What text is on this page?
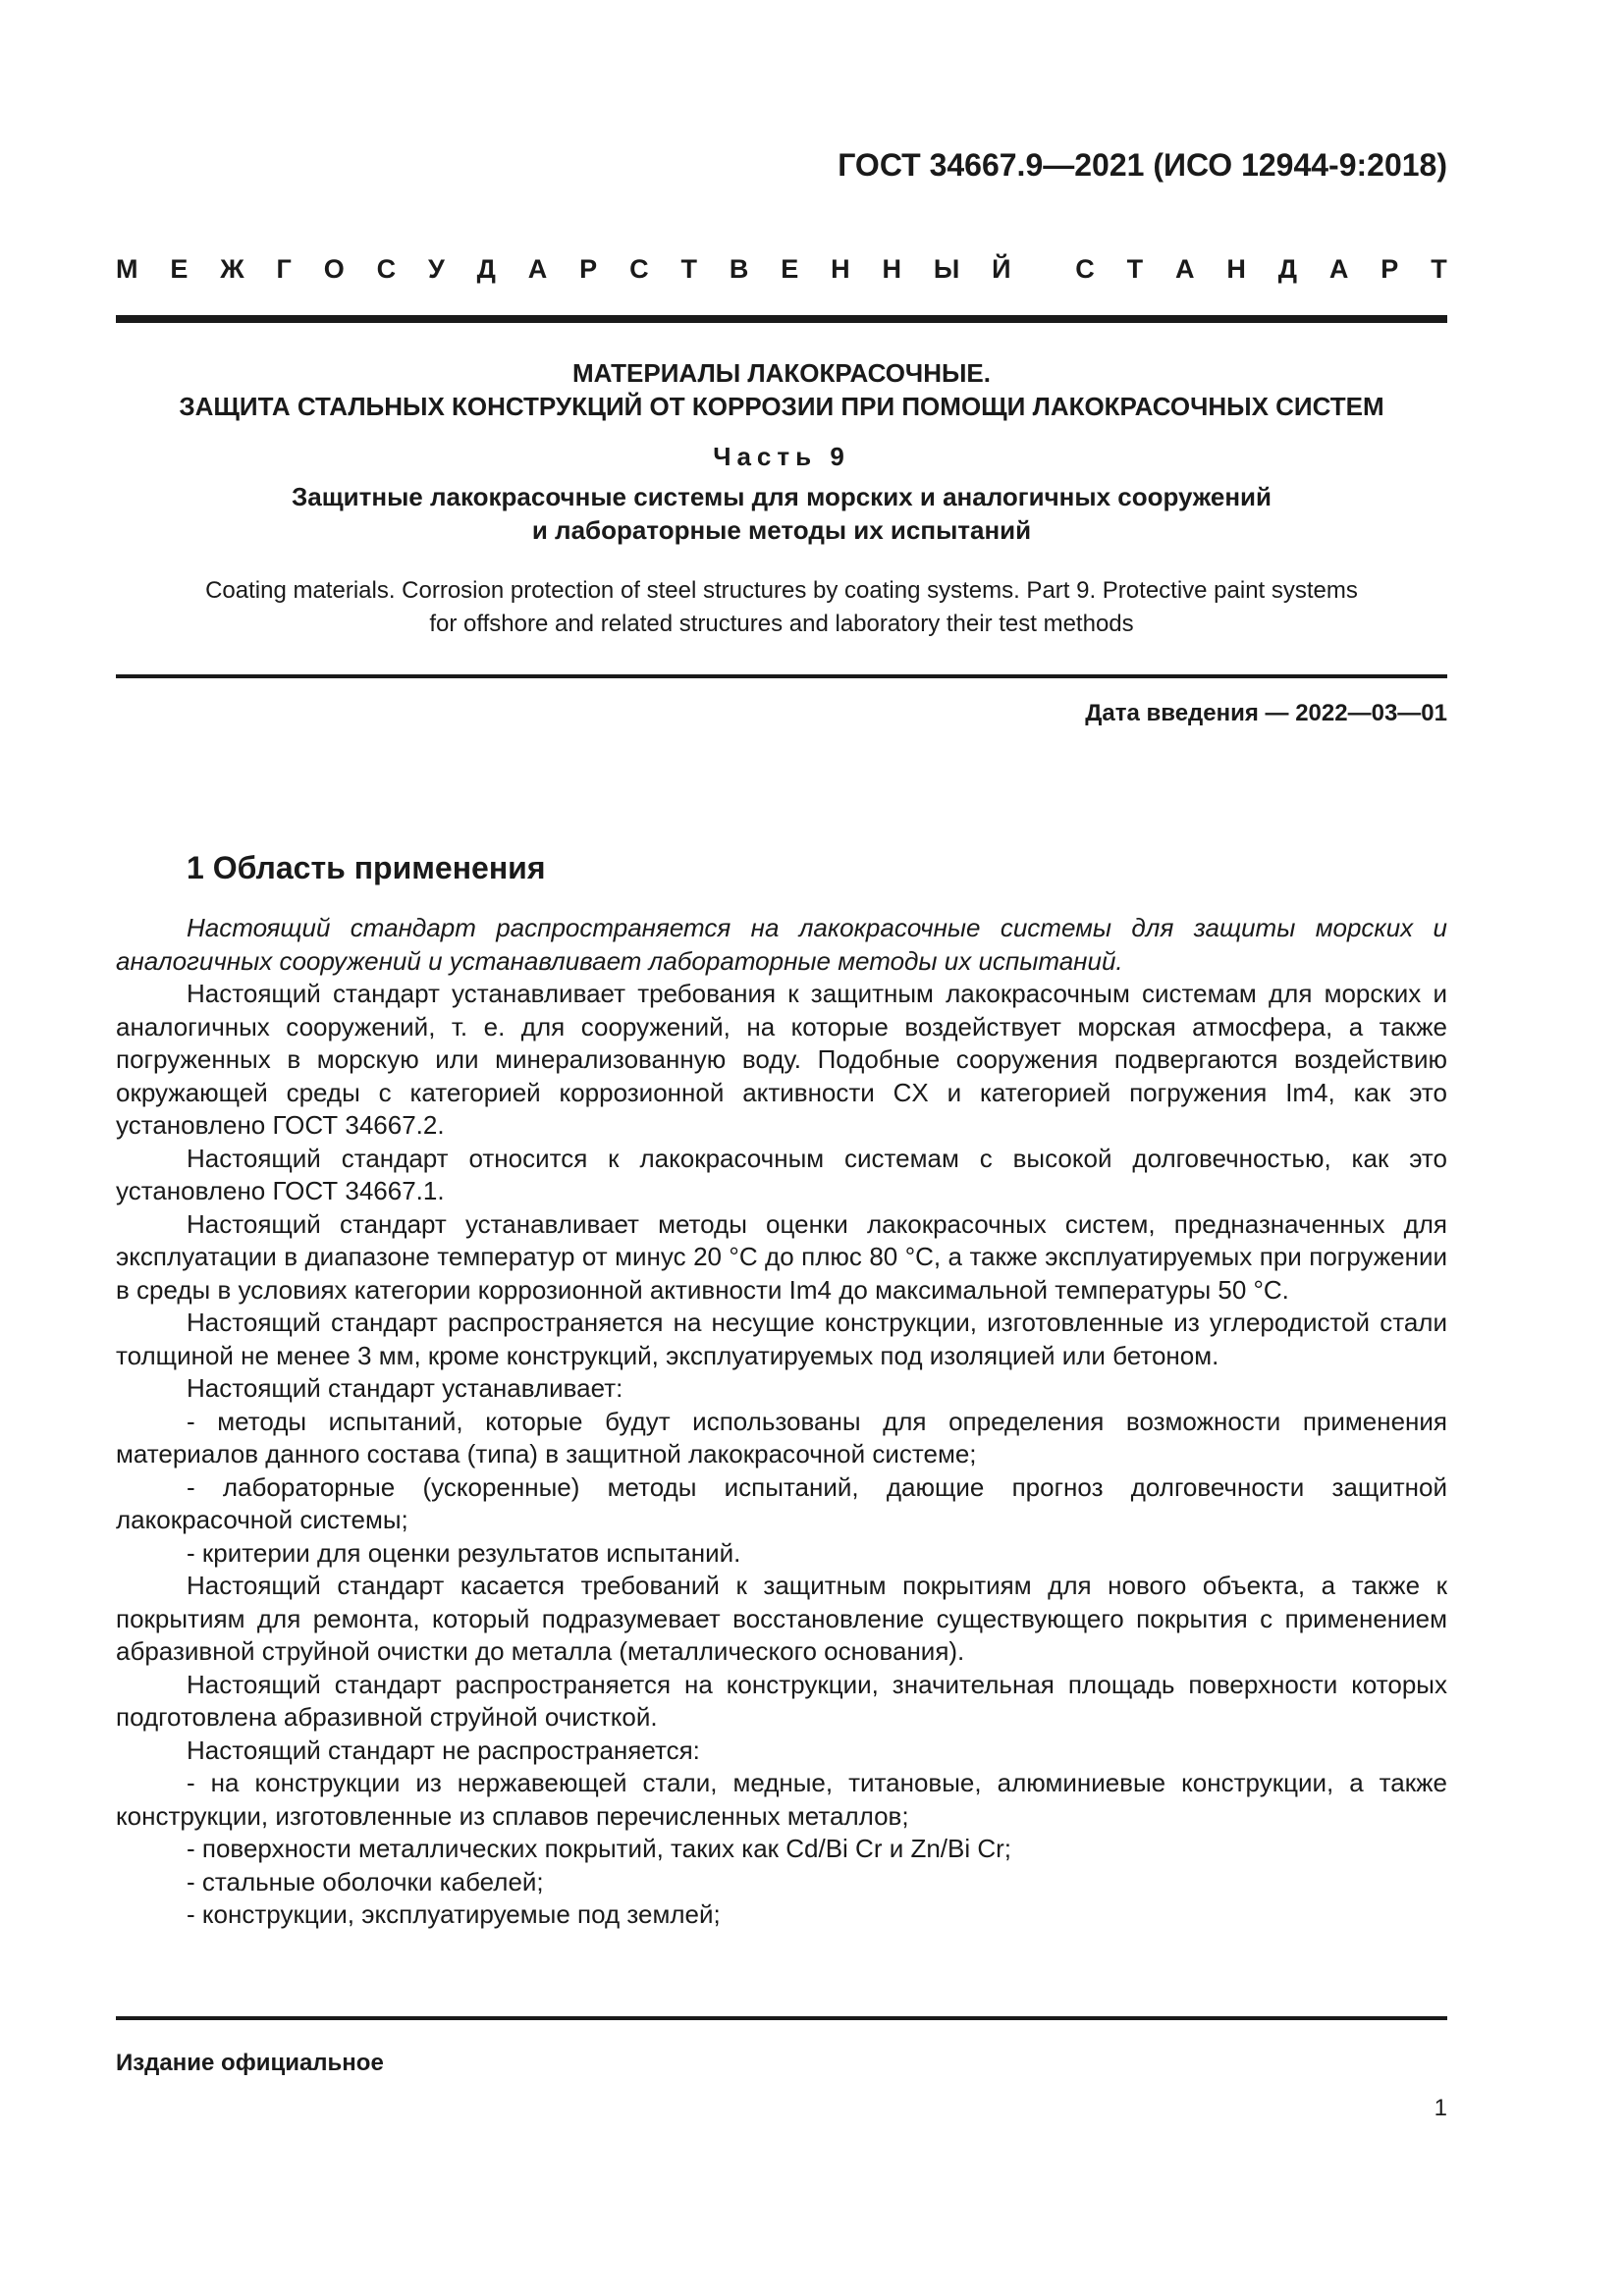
ГОСТ 34667.9—2021 (ИСО 12944-9:2018)
М Е Ж Г О С У Д А Р С Т В Е Н Н Ы Й С Т А Н Д А Р Т
МАТЕРИАЛЫ ЛАКОКРАСОЧНЫЕ.
ЗАЩИТА СТАЛЬНЫХ КОНСТРУКЦИЙ ОТ КОРРОЗИИ ПРИ ПОМОЩИ ЛАКОКРАСОЧНЫХ СИСТЕМ
Часть 9
Защитные лакокрасочные системы для морских и аналогичных сооружений
и лабораторные методы их испытаний
Coating materials. Corrosion protection of steel structures by coating systems. Part 9. Protective paint systems
for offshore and related structures and laboratory their test methods
Дата введения — 2022—03—01
1 Область применения

Настоящий стандарт распространяется на лакокрасочные системы для защиты морских и аналогичных сооружений и устанавливает лабораторные методы их испытаний.

Настоящий стандарт устанавливает требования к защитным лакокрасочным системам для морских и аналогичных сооружений, т. е. для сооружений, на которые воздействует морская атмосфера, а также погруженных в морскую или минерализованную воду. Подобные сооружения подвергаются воздействию окружающей среды с категорией коррозионной активности CX и категорией погружения Im4, как это установлено ГОСТ 34667.2.

Настоящий стандарт относится к лакокрасочным системам с высокой долговечностью, как это установлено ГОСТ 34667.1.

Настоящий стандарт устанавливает методы оценки лакокрасочных систем, предназначенных для эксплуатации в диапазоне температур от минус 20 °C до плюс 80 °C, а также эксплуатируемых при погружении в среды в условиях категории коррозионной активности Im4 до максимальной температуры 50 °C.

Настоящий стандарт распространяется на несущие конструкции, изготовленные из углеродистой стали толщиной не менее 3 мм, кроме конструкций, эксплуатируемых под изоляцией или бетоном.

Настоящий стандарт устанавливает:

- методы испытаний, которые будут использованы для определения возможности применения материалов данного состава (типа) в защитной лакокрасочной системе;

- лабораторные (ускоренные) методы испытаний, дающие прогноз долговечности защитной лакокрасочной системы;

- критерии для оценки результатов испытаний.

Настоящий стандарт касается требований к защитным покрытиям для нового объекта, а также к покрытиям для ремонта, который подразумевает восстановление существующего покрытия с применением абразивной струйной очистки до металла (металлического основания).

Настоящий стандарт распространяется на конструкции, значительная площадь поверхности которых подготовлена абразивной струйной очисткой.

Настоящий стандарт не распространяется:

- на конструкции из нержавеющей стали, медные, титановые, алюминиевые конструкции, а также конструкции, изготовленные из сплавов перечисленных металлов;

- поверхности металлических покрытий, таких как Cd/Bi Cr и Zn/Bi Cr;

- стальные оболочки кабелей;

- конструкции, эксплуатируемые под землей;

Издание официальное
1
